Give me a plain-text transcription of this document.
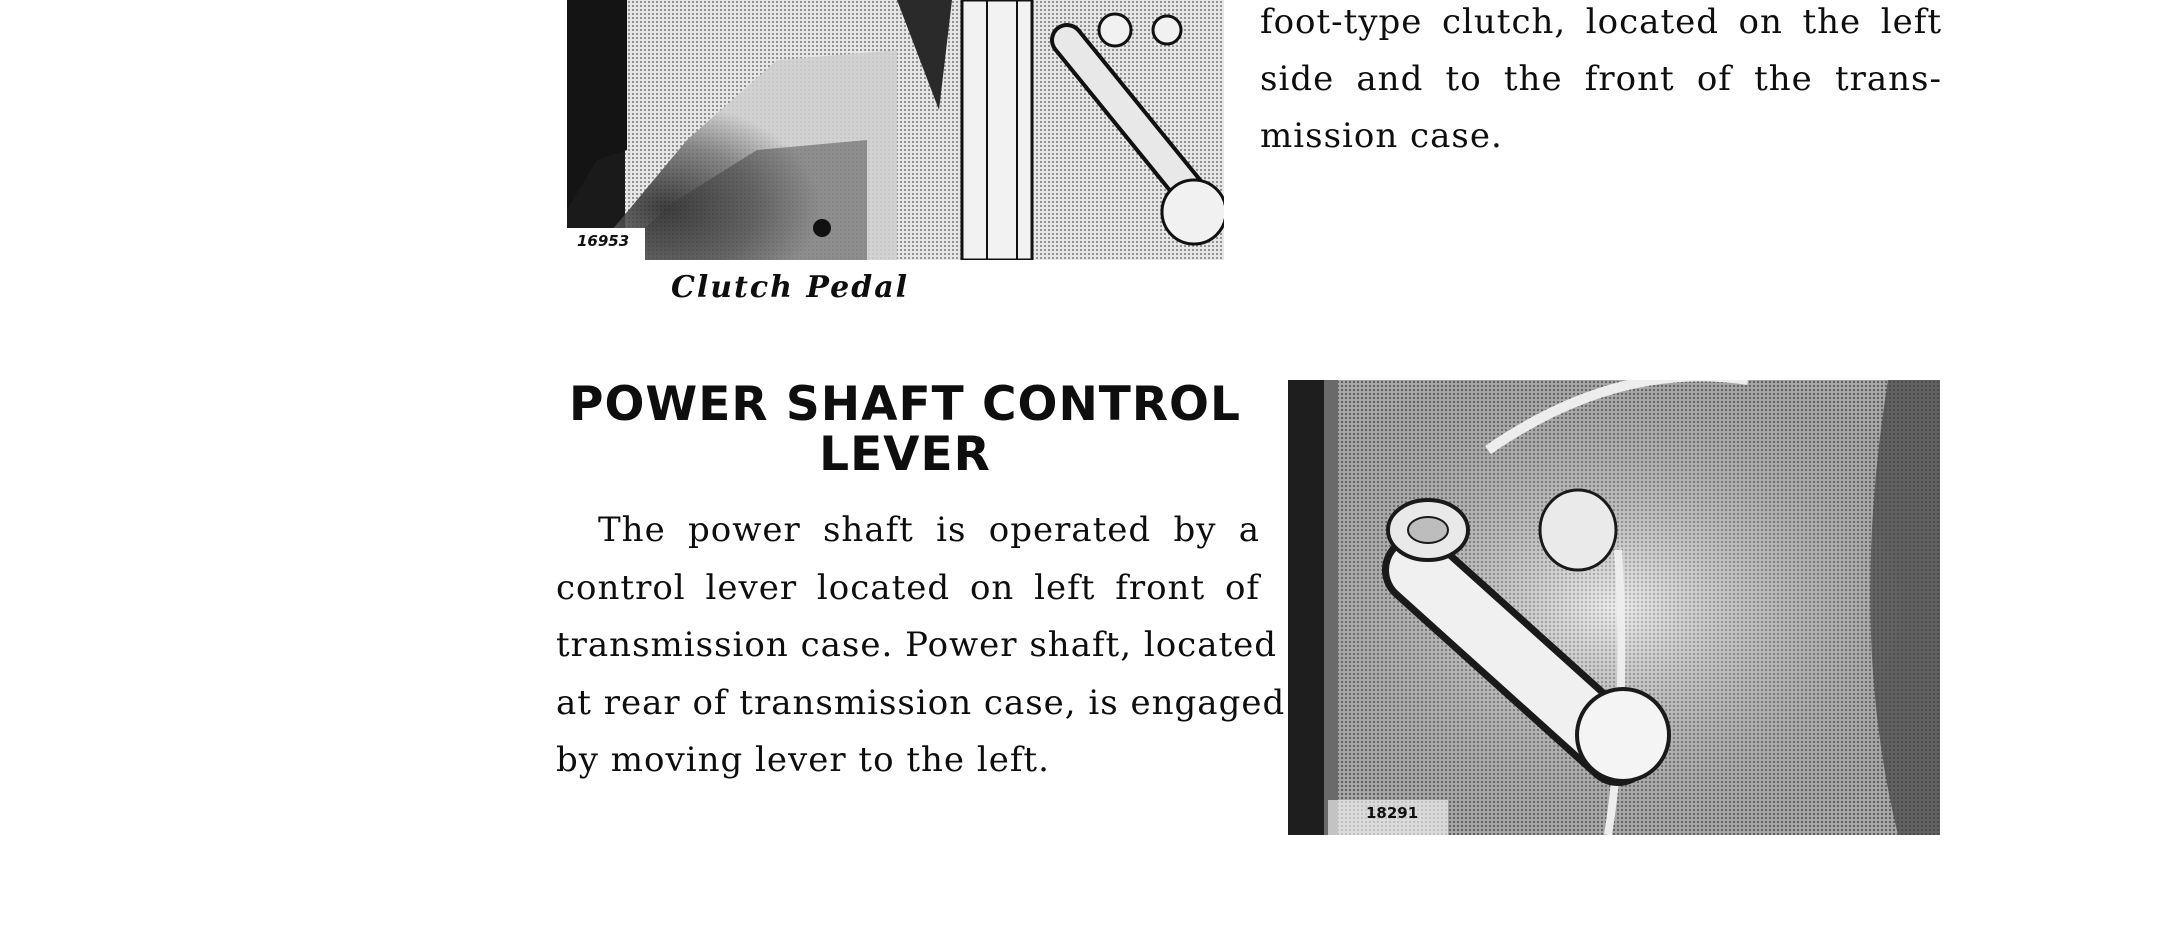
16953
foot-type clutch, located on the left
side and to the front of the trans-
mission case.
Clutch Pedal
POWER SHAFT CONTROL
LEVER
The power shaft is operated by a
control lever located on left front of
transmission case. Power shaft, located
at rear of transmission case, is engaged
by moving lever to the left.
18291
